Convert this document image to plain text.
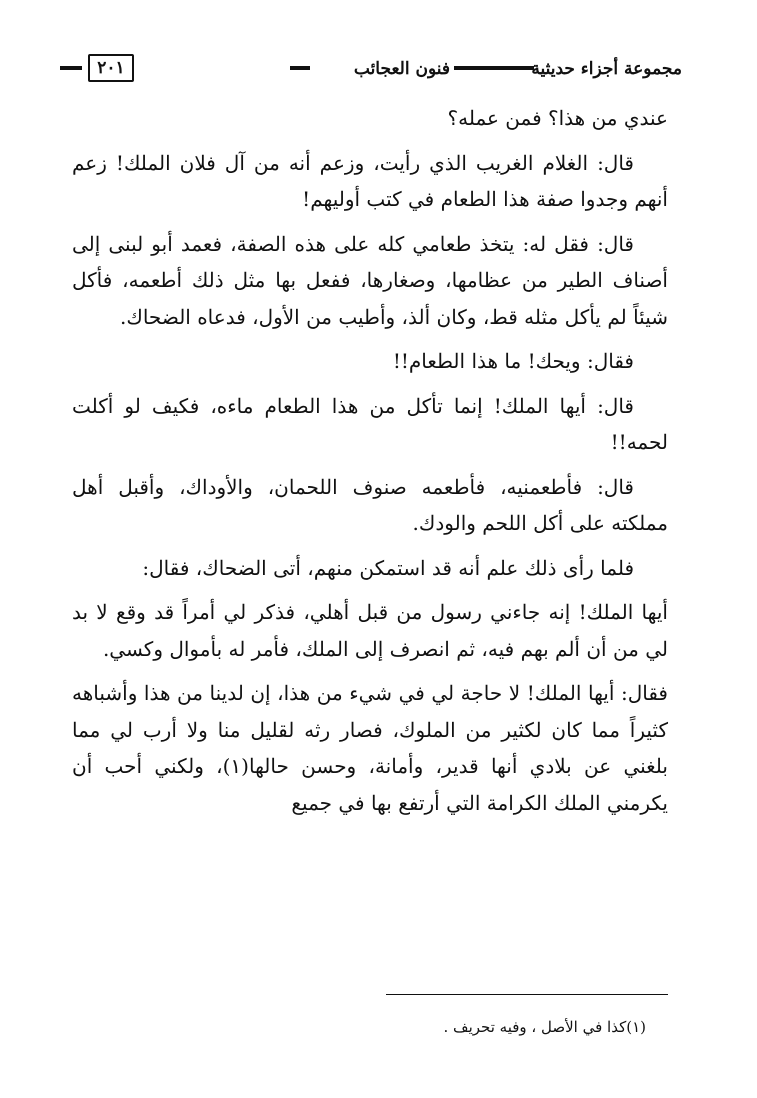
مجموعة أجزاء حديثية
فنون العجائب
٢٠١

عندي من هذا؟ فمن عمله؟

قال: الغلام الغريب الذي رأيت، وزعم أنه من آل فلان الملك! زعم أنهم وجدوا صفة هذا الطعام في كتب أوليهم!

قال: فقل له: يتخذ طعامي كله على هذه الصفة، فعمد أبو لبنى إلى أصناف الطير من عظامها، وصغارها، ففعل بها مثل ذلك أطعمه، فأكل شيئاً لم يأكل مثله قط، وكان ألذ، وأطيب من الأول، فدعاه الضحاك.

فقال: ويحك! ما هذا الطعام!!

قال: أيها الملك! إنما تأكل من هذا الطعام ماءه، فكيف لو أكلت لحمه!!

قال: فأطعمنيه، فأطعمه صنوف اللحمان، والأوداك، وأقبل أهل مملكته على أكل اللحم والودك.

فلما رأى ذلك علم أنه قد استمكن منهم، أتى الضحاك، فقال:

أيها الملك! إنه جاءني رسول من قبل أهلي، فذكر لي أمراً قد وقع لا بد لي من أن ألم بهم فيه، ثم انصرف إلى الملك، فأمر له بأموال وكسي.

فقال: أيها الملك! لا حاجة لي في شيء من هذا، إن لدينا من هذا وأشباهه كثيراً مما كان لكثير من الملوك، فصار رثه لقليل منا ولا أرب لي مما بلغني عن بلادي أنها قدير، وأمانة، وحسن حالها(١)، ولكني أحب أن يكرمني الملك الكرامة التي أرتفع بها في جميع

(١)كذا في الأصل ، وفيه تحريف .
